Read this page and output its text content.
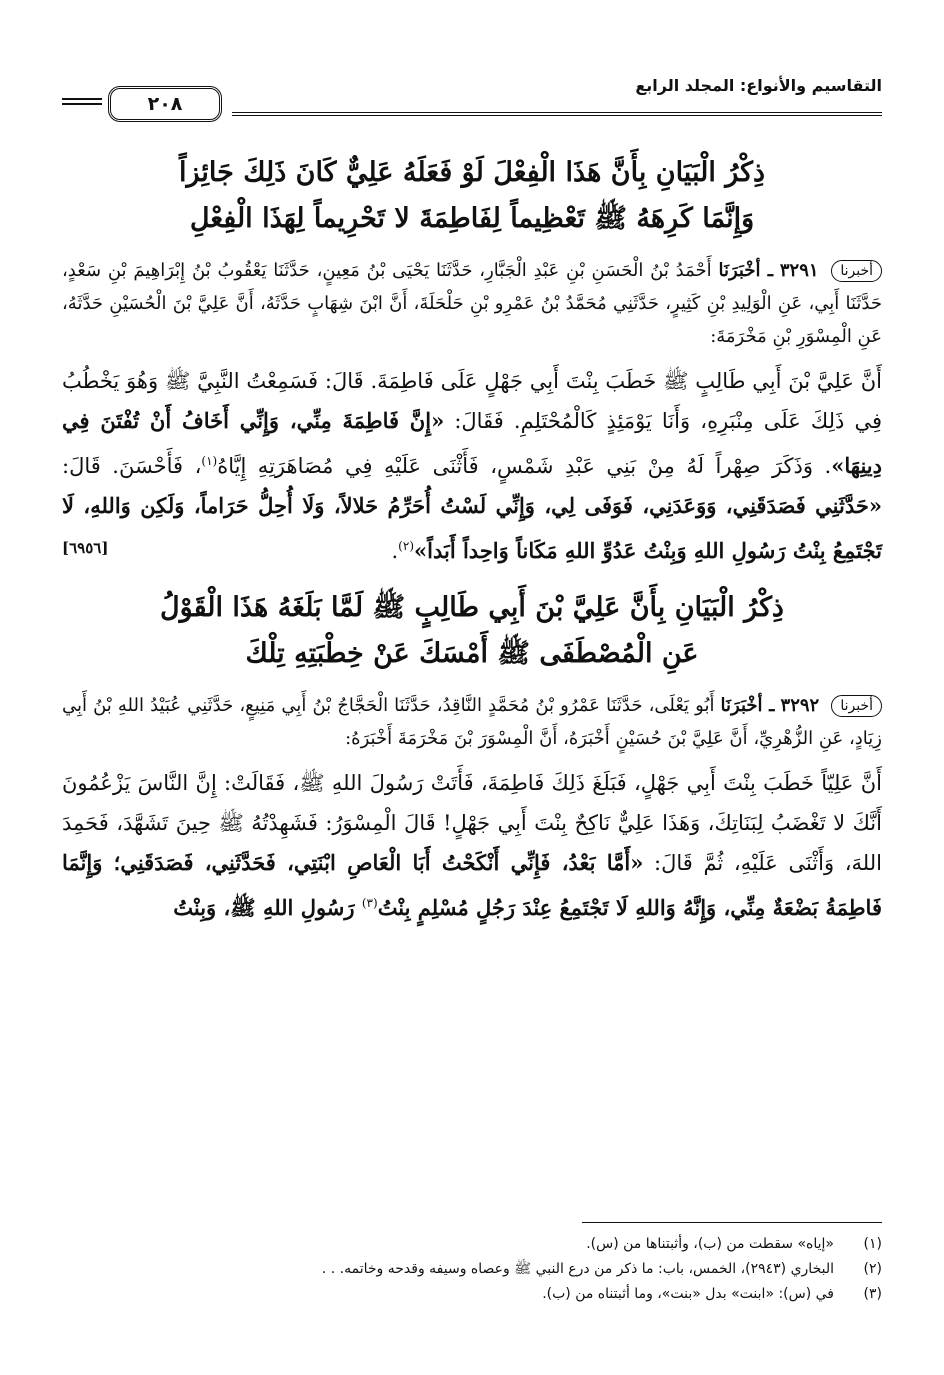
التقاسيم والأنواع: المجلد الرابع
٢٠٨
ذِكْرُ الْبَيَانِ بِأَنَّ هَذَا الْفِعْلَ لَوْ فَعَلَهُ عَلِيٌّ كَانَ ذَلِكَ جَائِزاً
وَإِنَّمَا كَرِهَهُ ﷺ تَعْظِيماً لِفَاطِمَةَ لا تَحْرِيماً لِهَذَا الْفِعْلِ

أخبرنا ٣٢٩١ ـ أخْبَرَنَا أَحْمَدُ بْنُ الْحَسَنِ بْنِ عَبْدِ الْجَبَّارِ، حَدَّثَنَا يَحْيَى بْنُ مَعِينٍ، حَدَّثَنَا يَعْقُوبُ بْنُ إِبْرَاهِيمَ بْنِ سَعْدٍ، حَدَّثَنَا أَبِي، عَنِ الْوَلِيدِ بْنِ كَثِيرٍ، حَدَّثَنِي مُحَمَّدُ بْنُ عَمْرِو بْنِ حَلْحَلَةَ، أَنَّ ابْنَ شِهَابٍ حَدَّثَهُ، أَنَّ عَلِيَّ بْنَ الْحُسَيْنِ حَدَّثَهُ، عَنِ الْمِسْوَرِ بْنِ مَخْرَمَةَ:

أَنَّ عَلِيَّ بْنَ أَبِي طَالِبٍ ﷺ خَطَبَ بِنْتَ أَبِي جَهْلٍ عَلَى فَاطِمَةَ. قَالَ: فَسَمِعْتُ النَّبِيَّ ﷺ وَهُوَ يَخْطُبُ فِي ذَلِكَ عَلَى مِنْبَرِهِ، وَأَنَا يَوْمَئِذٍ كَالْمُحْتَلِمِ. فَقَالَ: «إِنَّ فَاطِمَةَ مِنِّي، وَإِنِّي أَخَافُ أَنْ تُفْتَنَ فِي دِينِهَا». وَذَكَرَ صِهْراً لَهُ مِنْ بَنِي عَبْدِ شَمْسٍ، فَأَثْنَى عَلَيْهِ فِي مُصَاهَرَتِهِ إِيَّاهُ$^{(١)}$، فَأَحْسَنَ. قَالَ: «حَدَّثَنِي فَصَدَقَنِي، وَوَعَدَنِي، فَوَفَى لِي، وَإِنِّي لَسْتُ أُحَرِّمُ حَلالاً، وَلَا أُحِلُّ حَرَاماً، وَلَكِن وَاللهِ، لَا تَجْتَمِعُ بِنْتُ رَسُولِ اللهِ وَبِنْتُ عَدُوِّ اللهِ مَكَاناً وَاحِداً أَبَداً»$^{(٢)}$.
[٦٩٥٦]

ذِكْرُ الْبَيَانِ بِأَنَّ عَلِيَّ بْنَ أَبِي طَالِبٍ ﷺ لَمَّا بَلَغَهُ هَذَا الْقَوْلُ
عَنِ الْمُصْطَفَى ﷺ أَمْسَكَ عَنْ خِطْبَتِهِ تِلْكَ

أخبرنا ٣٢٩٢ ـ أخْبَرَنَا أَبُو يَعْلَى، حَدَّثَنَا عَمْرُو بْنُ مُحَمَّدٍ النَّاقِدُ، حَدَّثَنَا الْحَجَّاجُ بْنُ أَبِي مَنِيعٍ، حَدَّثَنِي عُبَيْدُ اللهِ بْنُ أَبِي زِيَادٍ، عَنِ الزُّهْرِيِّ، أَنَّ عَلِيَّ بْنَ حُسَيْنٍ أَخْبَرَهُ، أَنَّ الْمِسْوَرَ بْنَ مَخْرَمَةَ أَخْبَرَهُ:

أَنَّ عَلِيّاً خَطَبَ بِنْتَ أَبِي جَهْلٍ، فَبَلَغَ ذَلِكَ فَاطِمَةَ، فَأَتَتْ رَسُولَ اللهِ ﷺ، فَقَالَتْ: إِنَّ النَّاسَ يَزْعُمُونَ أَنَّكَ لا تَغْضَبُ لِبَنَاتِكَ، وَهَذَا عَلِيٌّ نَاكِحٌ بِنْتَ أَبِي جَهْلٍ! قَالَ الْمِسْوَرُ: فَشَهِدْتُهُ ﷺ حِينَ تَشَهَّدَ، فَحَمِدَ اللهَ، وَأَثْنَى عَلَيْهِ، ثُمَّ قَالَ: «أَمَّا بَعْدُ، فَإِنِّي أَنْكَحْتُ أَبَا الْعَاصِ ابْنَتِي، فَحَدَّثَنِي، فَصَدَقَنِي؛ وَإِنَّمَا فَاطِمَةُ بَضْعَةٌ مِنِّي، وَإِنَّهُ وَاللهِ لَا تَجْتَمِعُ عِنْدَ رَجُلٍ مُسْلِمٍ بِنْتُ$^{(٣)}$ رَسُولِ اللهِ ﷺ، وَبِنْتُ

(١)
«إياه» سقطت من (ب)، وأثبتناها من (س).
(٢)
البخاري (٢٩٤٣)، الخمس، باب: ما ذكر من درع النبي ﷺ وعصاه وسيفه وقدحه وخاتمه. . .
(٣)
في (س): «ابنت» بدل «بنت»، وما أثبتناه من (ب).
